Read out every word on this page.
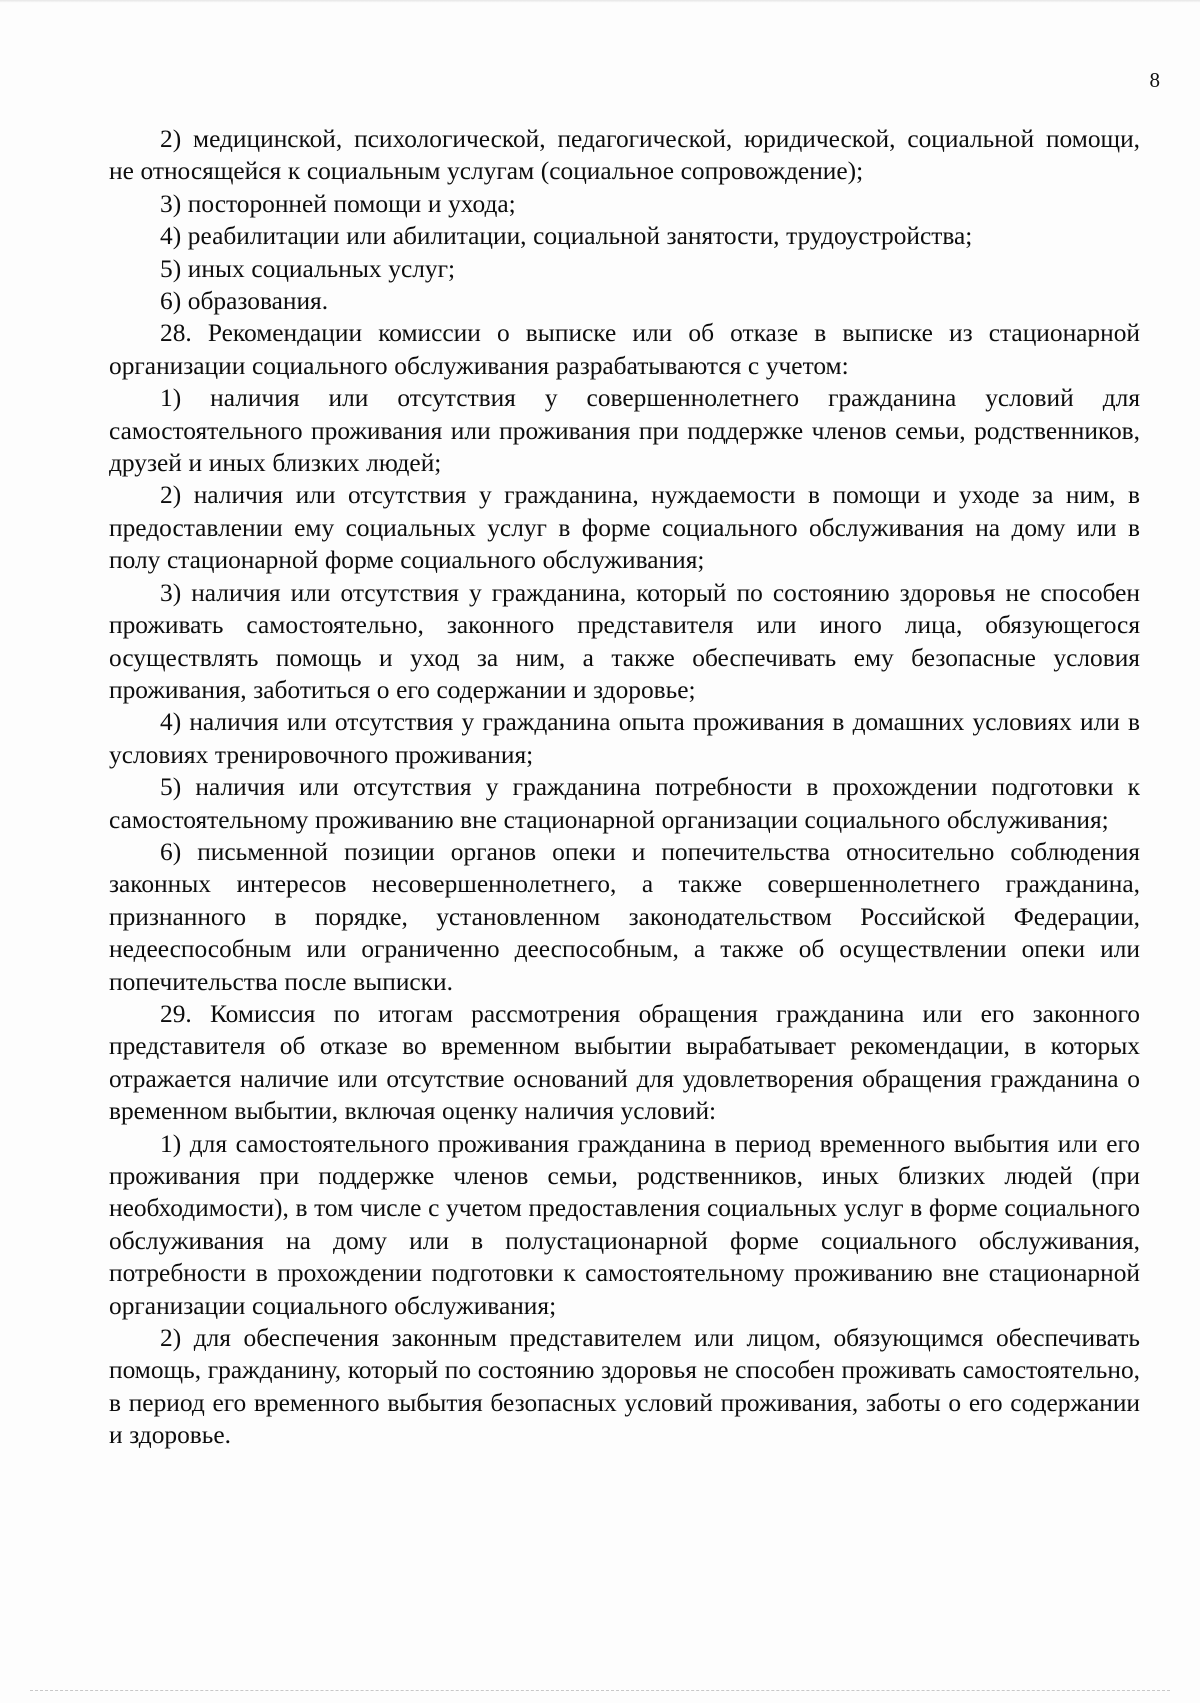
8

2) медицинской, психологической, педагогической, юридической, социальной помощи, не относящейся к социальным услугам (социальное сопровождение);

3) посторонней помощи и ухода;

4) реабилитации или абилитации, социальной занятости, трудоустройства;

5) иных социальных услуг;

6) образования.

28. Рекомендации комиссии о выписке или об отказе в выписке из стационарной организации социального обслуживания разрабатываются с учетом:

1) наличия или отсутствия у совершеннолетнего гражданина условий для самостоятельного проживания или проживания при поддержке членов семьи, родственников, друзей и иных близких людей;

2) наличия или отсутствия у гражданина, нуждаемости в помощи и уходе за ним, в предоставлении ему социальных услуг в форме социального обслуживания на дому или в полу стационарной форме социального обслуживания;

3) наличия или отсутствия у гражданина, который по состоянию здоровья не способен проживать самостоятельно, законного представителя или иного лица, обязующегося осуществлять помощь и уход за ним, а также обеспечивать ему безопасные условия проживания, заботиться о его содержании и здоровье;

4) наличия или отсутствия у гражданина опыта проживания в домашних условиях или в условиях тренировочного проживания;

5) наличия или отсутствия у гражданина потребности в прохождении подготовки к самостоятельному проживанию вне стационарной организации социального обслуживания;

6) письменной позиции органов опеки и попечительства относительно соблюдения законных интересов несовершеннолетнего, а также совершеннолетнего гражданина, признанного в порядке, установленном законодательством Российской Федерации, недееспособным или ограниченно дееспособным, а также об осуществлении опеки или попечительства после выписки.

29. Комиссия по итогам рассмотрения обращения гражданина или его законного представителя об отказе во временном выбытии вырабатывает рекомендации, в которых отражается наличие или отсутствие оснований для удовлетворения обращения гражданина о временном выбытии, включая оценку наличия условий:

1) для самостоятельного проживания гражданина в период временного выбытия или его проживания при поддержке членов семьи, родственников, иных близких людей (при необходимости), в том числе с учетом предоставления социальных услуг в форме социального обслуживания на дому или в полустационарной форме социального обслуживания, потребности в прохождении подготовки к самостоятельному проживанию вне стационарной организации социального обслуживания;

2) для обеспечения законным представителем или лицом, обязующимся обеспечивать помощь, гражданину, который по состоянию здоровья не способен проживать самостоятельно, в период его временного выбытия безопасных условий проживания, заботы о его содержании и здоровье.
